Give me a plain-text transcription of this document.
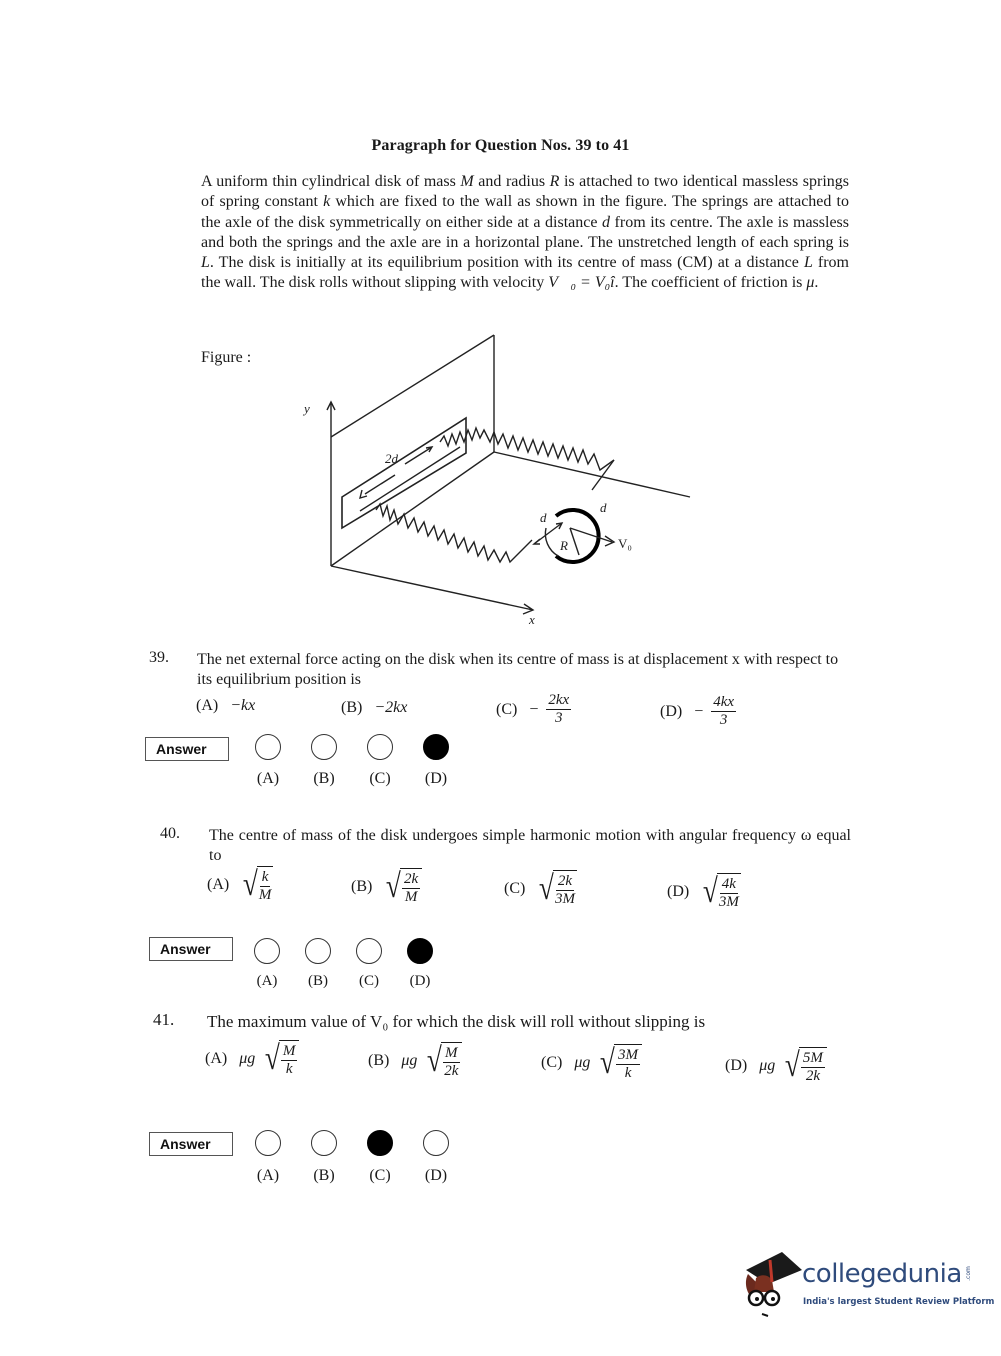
Paragraph for Question Nos. 39 to 41
A uniform thin cylindrical disk of mass M and radius R is attached to two identical massless springs of spring constant k which are fixed to the wall as shown in the figure. The springs are attached to the axle of the disk symmetrically on either side at a distance d from its centre. The axle is massless and both the springs and the axle are in a horizontal plane. The unstretched length of each spring is L. The disk is initially at its equilibrium position with its centre of mass (CM) at a distance L from the wall. The disk rolls without slipping with velocity V⃗₀ = V₀î. The coefficient of friction is μ.
Figure :
y
x
2d
d
d
R	V₀
39. The net external force acting on the disk when its centre of mass is at displacement x with respect to its equilibrium position is
(A) −kx	(B) −2kx	$(C) - \frac{2kx}{3}$	$(D) - \frac{4kx}{3}$
Answer
(A) (B) (C) (D)
40. The centre of mass of the disk undergoes simple harmonic motion with angular frequency ω equal to
(A) √ $\frac{k}{M}$	(B) √ $\frac{2k}{M}$	(C) √ $\frac{2k}{3M}$	(D) √ $\frac{4k}{3M}$
Answer
(A) (B) (C) (D)
41. The maximum value of V₀ for which the disk will roll without slipping is
(A) μg √ $\frac{M}{k}$	(B) μg √ $\frac{M}{2k}$	(C) μg √ $\frac{3M}{k}$	(D) μg √ $\frac{5M}{2k}$
Answer
(A) (B) (C) (D)
collegedunia .com
India's largest Student Review Platform
